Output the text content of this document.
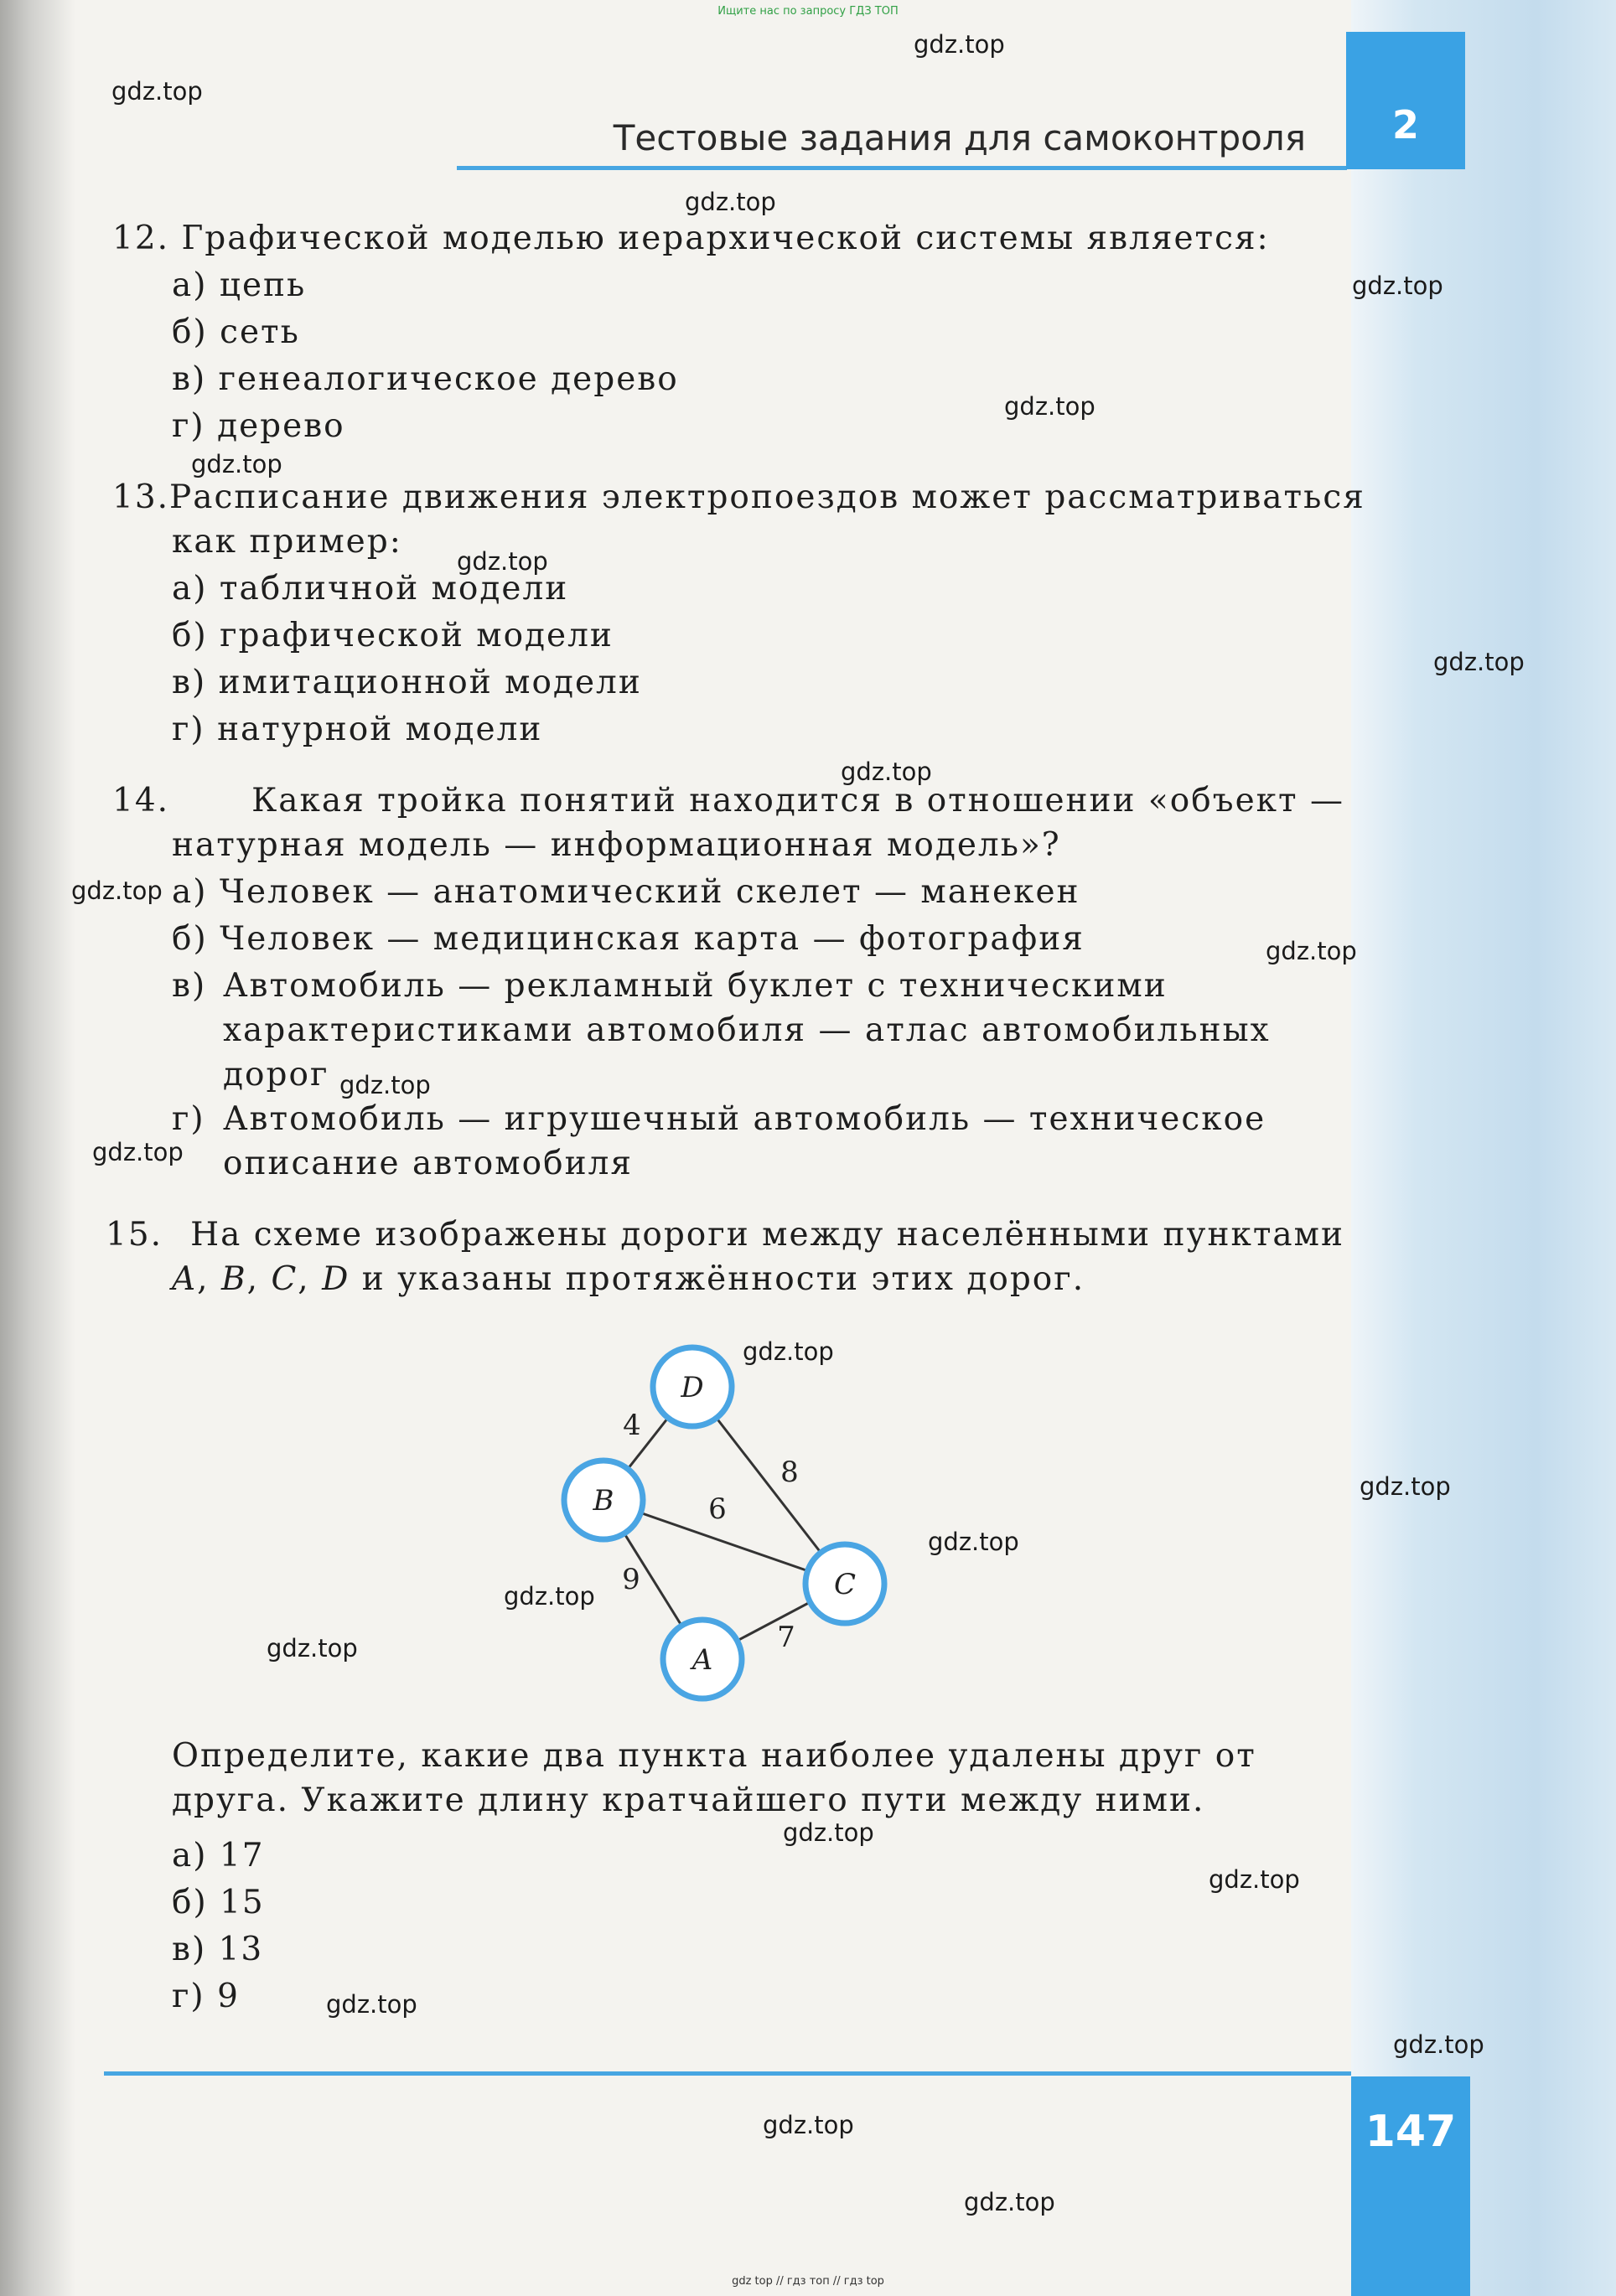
Ищите нас по запросу ГДЗ ТОП
Тестовые задания для самоконтроля	2
12. Графической моделью иерархической системы является:
а) цепь
б) сеть
в) генеалогическое дерево
г) дерево
13. Расписание движения электропоездов может рассматриваться
как пример:
а) табличной модели
б) графической модели
в) имитационной модели
г) натурной модели
14.	Какая тройка понятий находится в отношении «объект —
натурная модель — информационная модель»?
а) Человек — анатомический скелет — манекен
б) Человек — медицинская карта — фотография
в) Автомобиль — рекламный буклет с техническими
характеристиками автомобиля — атлас автомобильных
дорог
г) Автомобиль — игрушечный автомобиль — техническое
описание автомобиля
15. На схеме изображены дороги между населёнными пунктами
A, B, C, D и указаны протяжённости этих дорог.
4
8
6
9
7
D
B
C
A
Определите, какие два пункта наиболее удалены друг от
друга. Укажите длину кратчайшего пути между ними.
а) 17
б) 15
в) 13
г) 9
147
gdz top // гдз топ // гдз top
gdz.top
gdz.top
gdz.top
gdz.top
gdz.top
gdz.top
gdz.top
gdz.top
gdz.top
gdz.top
gdz.top
gdz.top
gdz.top
gdz.top
gdz.top
gdz.top
gdz.top
gdz.top
gdz.top
gdz.top
gdz.top
gdz.top
gdz.top
gdz.top
